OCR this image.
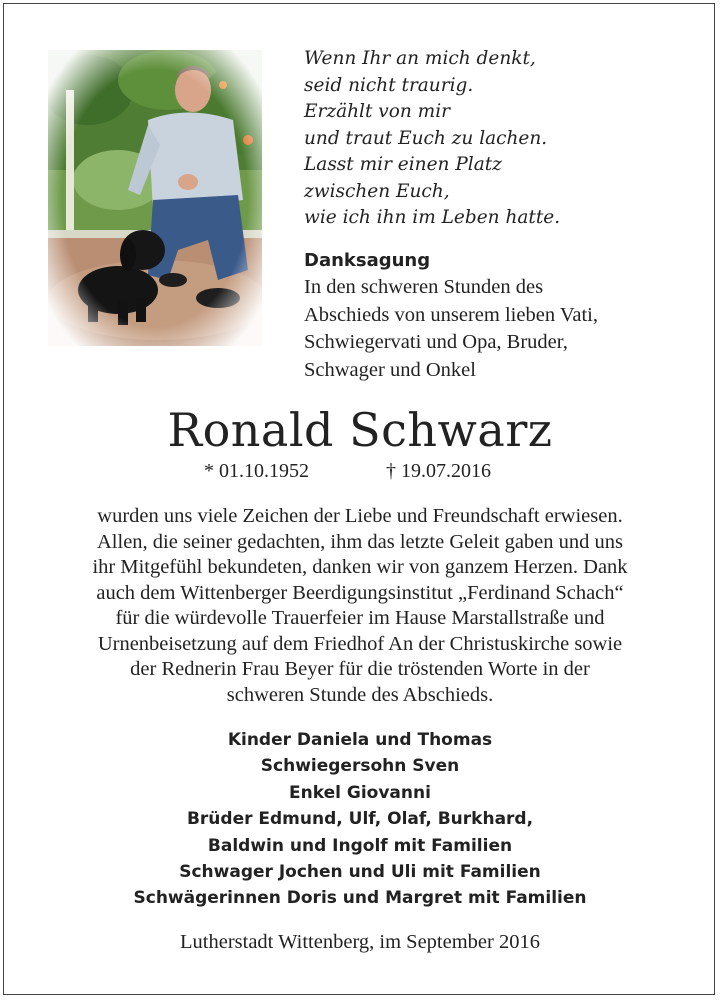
Wenn Ihr an mich denkt,
seid nicht traurig.
Erzählt von mir
und traut Euch zu lachen.
Lasst mir einen Platz
zwischen Euch,
wie ich ihn im Leben hatte.
Danksagung
In den schweren Stunden des
Abschieds von unserem lieben Vati,
Schwiegervati und Opa, Bruder,
Schwager und Onkel
Ronald Schwarz
* 01.10.1952	† 19.07.2016
wurden uns viele Zeichen der Liebe und Freundschaft erwiesen.
Allen, die seiner gedachten, ihm das letzte Geleit gaben und uns
ihr Mitgefühl bekundeten, danken wir von ganzem Herzen. Dank
auch dem Wittenberger Beerdigungsinstitut „Ferdinand Schach“
für die würdevolle Trauerfeier im Hause Marstallstraße und
Urnenbeisetzung auf dem Friedhof An der Christuskirche sowie
der Rednerin Frau Beyer für die tröstenden Worte in der
schweren Stunde des Abschieds.
Kinder Daniela und Thomas
Schwiegersohn Sven
Enkel Giovanni
Brüder Edmund, Ulf, Olaf, Burkhard,
Baldwin und Ingolf mit Familien
Schwager Jochen und Uli mit Familien
Schwägerinnen Doris und Margret mit Familien
Lutherstadt Wittenberg, im September 2016
